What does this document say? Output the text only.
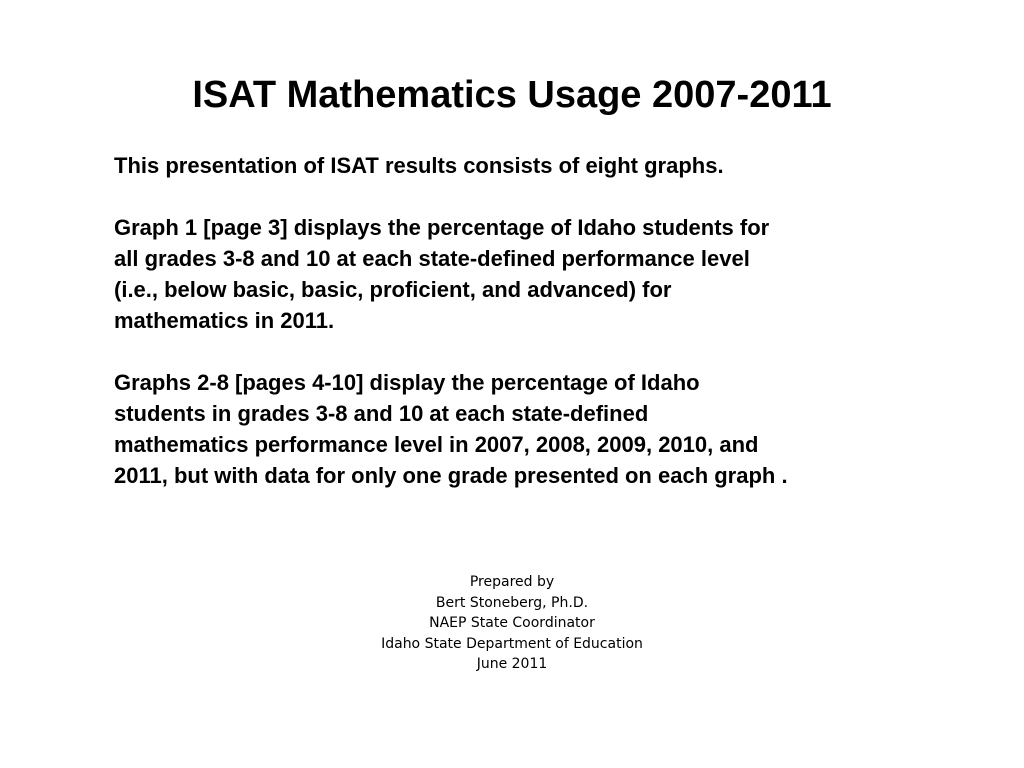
ISAT Mathematics Usage 2007-2011

This presentation of ISAT results consists of eight graphs.

Graph 1 [page 3] displays the percentage of Idaho students for
all grades 3-8 and 10 at each state-defined performance level
(i.e., below basic, basic, proficient, and advanced) for
mathematics in 2011.

Graphs 2-8 [pages 4-10] display the percentage of Idaho
students in grades 3-8 and 10 at each state-defined
mathematics performance level in 2007, 2008, 2009, 2010, and
2011, but with data for only one grade presented on each graph .

Prepared by
Bert Stoneberg, Ph.D.
NAEP State Coordinator
Idaho State Department of Education
June 2011
